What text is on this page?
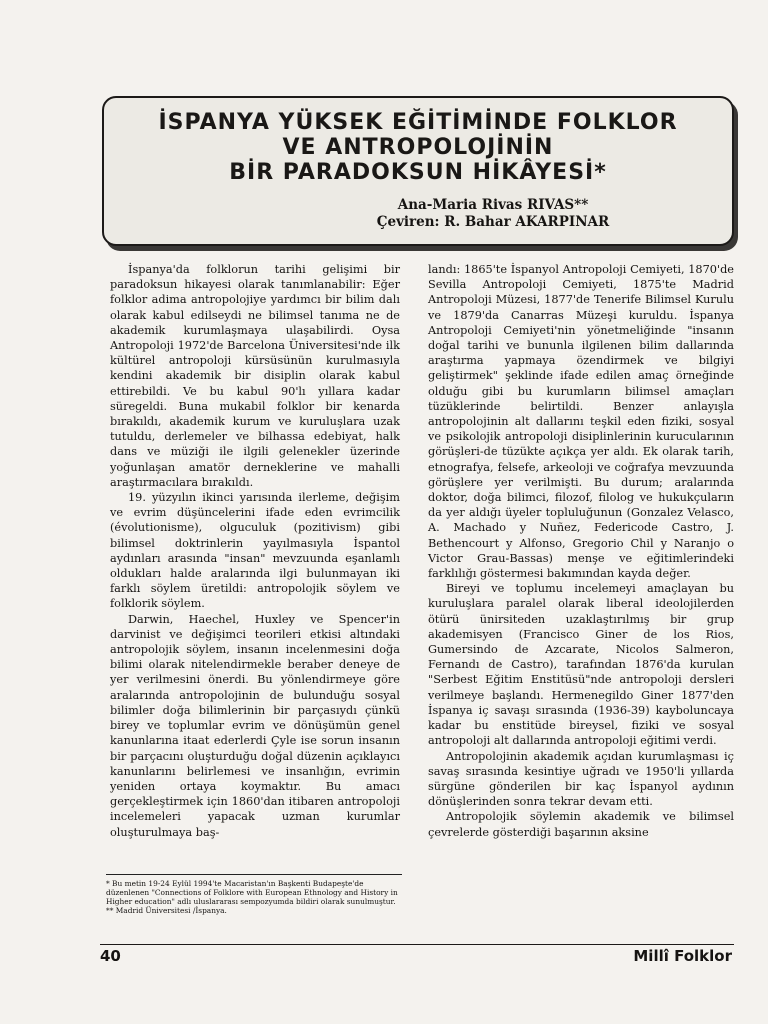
İSPANYA YÜKSEK EĞİTİMİNDE FOLKLOR
VE ANTROPOLOJİNİN
BİR PARADOKSUN HİKÂYESİ*
Ana-Maria Rivas RIVAS**
Çeviren: R. Bahar AKARPINAR

İspanya'da folklorun tarihi gelişimi bir paradoksun hikayesi olarak tanımlanabilir: Eğer folklor adima antropolojiye yardımcı bir bilim dalı olarak kabul edilseydi ne bilimsel tanıma ne de akademik kurumlaşmaya ulaşabilirdi. Oysa Antropoloji 1972'de Barcelona Üniversitesi'nde ilk kültürel antropoloji kürsüsünün kurulmasıyla kendini akademik bir disiplin olarak kabul ettirebildi. Ve bu kabul 90'lı yıllara kadar süregeldi. Buna mukabil folklor bir kenarda bırakıldı, akademik kurum ve kuruluşlara uzak tutuldu, derlemeler ve bilhassa edebiyat, halk dans ve müziği ile ilgili gelenekler üzerinde yoğunlaşan amatör derneklerine ve mahalli araştırmacılara bırakıldı.

19. yüzyılın ikinci yarısında ilerleme, değişim ve evrim düşüncelerini ifade eden evrimcilik (évolutionisme), olguculuk (pozitivism) gibi bilimsel doktrinlerin yayılmasıyla İspantol aydınları arasında "insan" mevzuunda eşanlamlı oldukları halde aralarında ilgi bulunmayan iki farklı söylem üretildi: antropolojik söylem ve folklorik söylem.

Darwin, Haechel, Huxley ve Spencer'in darvinist ve değişimci teorileri etkisi altındaki antropolojik söylem, insanın incelenmesini doğa bilimi olarak nitelendirmekle beraber deneye de yer verilmesini önerdi. Bu yönlendirmeye göre aralarında antropolojinin de bulunduğu sosyal bilimler doğa bilimlerinin bir parçasıydı çünkü birey ve toplumlar evrim ve dönüşümün genel kanunlarına itaat ederlerdi Çyle ise sorun insanın bir parçacını oluşturduğu doğal düzenin açıklayıcı kanunlarını belirlemesi ve insanlığın, evrimin yeniden ortaya koymaktır. Bu amacı gerçekleştirmek için 1860'dan itibaren antropoloji incelemeleri yapacak uzman kurumlar oluşturulmaya baş-

landı: 1865'te İspanyol Antropoloji Cemiyeti, 1870'de Sevilla Antropoloji Cemiyeti, 1875'te Madrid Antropoloji Müzesi, 1877'de Tenerife Bilimsel Kurulu ve 1879'da Canarras Müzeşi kuruldu. İspanya Antropoloji Cemiyeti'nin yönetmeliğinde "insanın doğal tarihi ve bununla ilgilenen bilim dallarında araştırma yapmaya özendirmek ve bilgiyi geliştirmek" şeklinde ifade edilen amaç örneğinde olduğu gibi bu kurumların bilimsel amaçları tüzüklerinde belirtildi. Benzer anlayışla antropolojinin alt dallarını teşkil eden fiziki, sosyal ve psikolojik antropoloji disiplinlerinin kurucularının görüşleri-de tüzükte açıkça yer aldı. Ek olarak tarih, etnografya, felsefe, arkeoloji ve coğrafya mevzuunda görüşlere yer verilmişti. Bu durum; aralarında doktor, doğa bilimci, filozof, filolog ve hukukçuların da yer aldığı üyeler topluluğunun (Gonzalez Velasco, A. Machado y Nuñez, Federicode Castro, J. Bethencourt y Alfonso, Gregorio Chil y Naranjo o Victor Grau-Bassas) menşe ve eğitimlerindeki farklılığı göstermesi bakımından kayda değer.

Bireyi ve toplumu incelemeyi amaçlayan bu kuruluşlara paralel olarak liberal ideolojilerden ötürü ünirsiteden uzaklaştırılmış bir grup akademisyen (Francisco Giner de los Rios, Gumersindo de Azcarate, Nicolos Salmeron, Fernandı de Castro), tarafından 1876'da kurulan "Serbest Eğitim Enstitüsü"nde antropoloji dersleri verilmeye başlandı. Hermenegildo Giner 1877'den İspanya iç savaşı sırasında (1936-39) kayboluncaya kadar bu enstitüde bireysel, fiziki ve sosyal antropoloji alt dallarında antropoloji eğitimi verdi.

Antropolojinin akademik açıdan kurumlaşması iç savaş sırasında kesintiye uğradı ve 1950'li yıllarda sürgüne gönderilen bir kaç İspanyol aydının dönüşlerinden sonra tekrar devam etti.

Antropolojik söylemin akademik ve bilimsel çevrelerde gösterdiği başarının aksine

* Bu metin 19-24 Eylül 1994'te Macaristan'ın Başkenti Budapeşte'de düzenlenen "Connections of Folklore with European Ethnology and History in Higher education" adlı uluslararası sempozyumda bildiri olarak sunulmuştur.

** Madrid Üniversitesi /İspanya.

40	Millî Folklor
